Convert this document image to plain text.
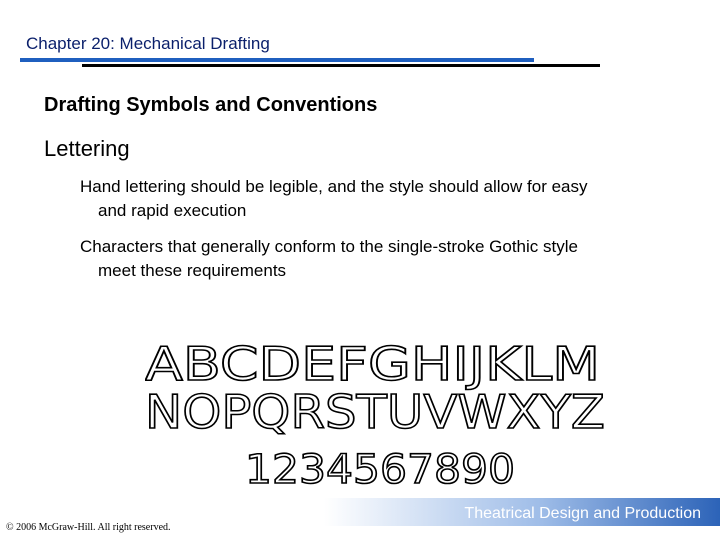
Chapter 20: Mechanical Drafting
Drafting Symbols and Conventions
Lettering
Hand lettering should be legible, and the style should allow for easy and rapid execution
Characters that generally conform to the single-stroke Gothic style meet these requirements
ABCDEFGHIJKLM
NOPQRSTUVWXYZ
1234567890
Theatrical Design and Production
© 2006 McGraw-Hill. All right reserved.
